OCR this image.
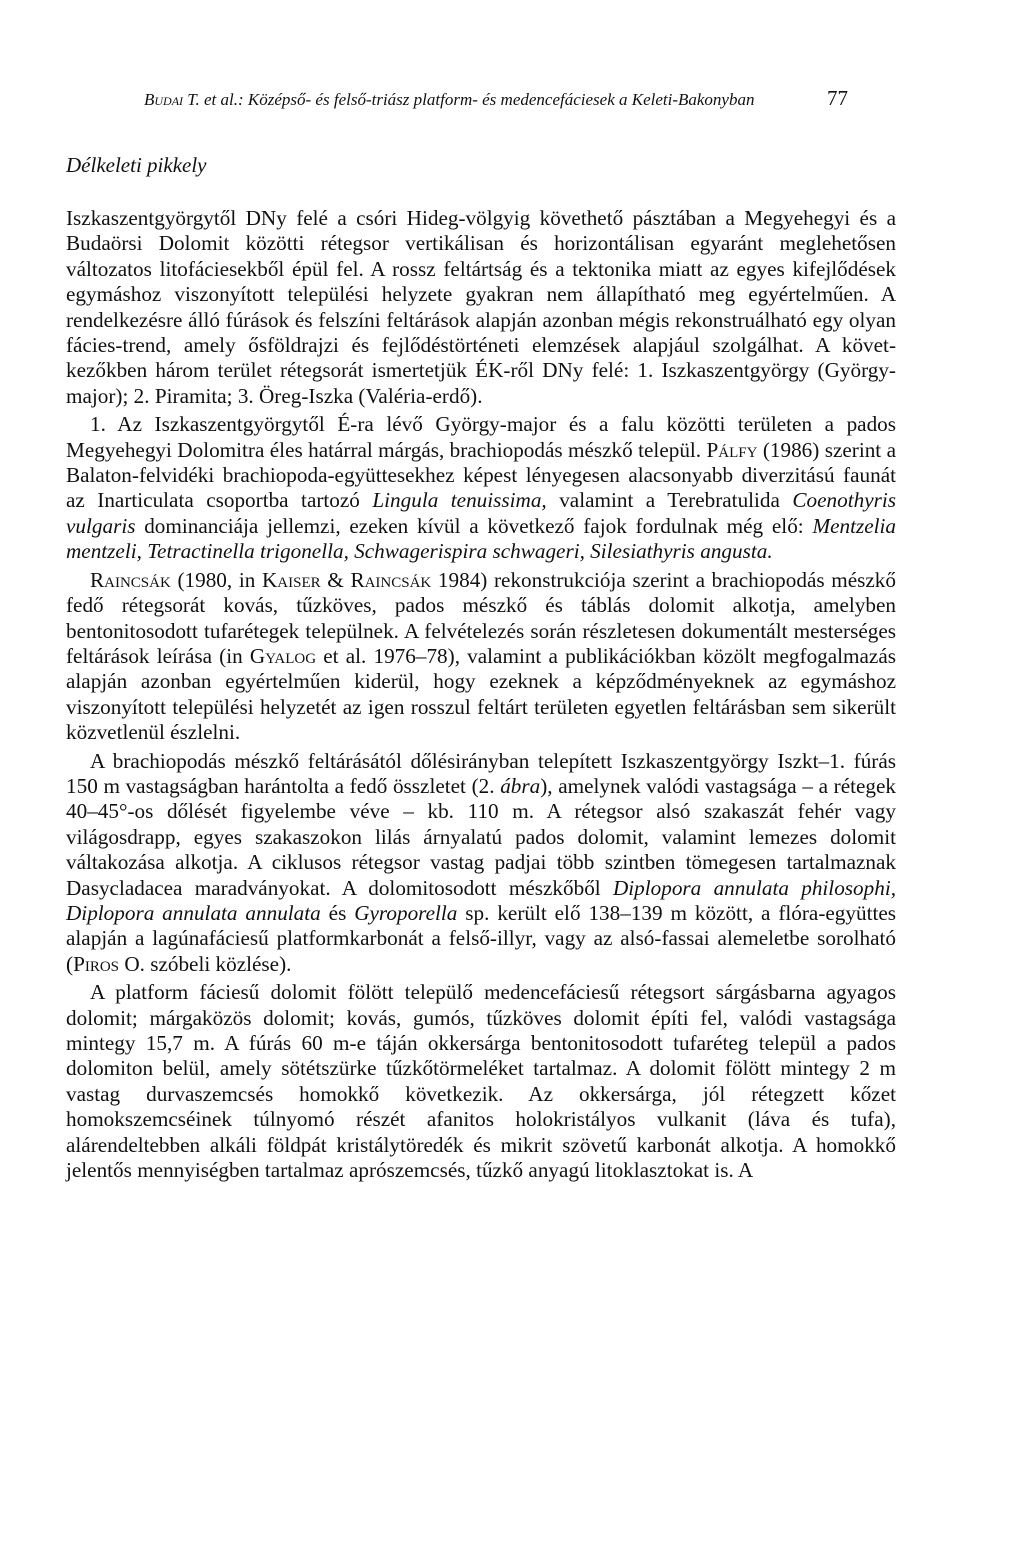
Budai T. et al.: Középső- és felső-triász platform- és medencefáciesek a Keleti-Bakonyban	77
Délkeleti pikkely

Iszkaszentgyörgytől DNy felé a csóri Hideg-völgyig követhető pásztában a Megyehegyi és a Budaörsi Dolomit közötti rétegsor vertikálisan és horizontálisan egyaránt meglehetősen változatos litofáciesekből épül fel. A rossz feltártság és a tektonika miatt az egyes kifejlődések egymáshoz viszonyított települési helyzete gyakran nem állapítható meg egyértelműen. A rendelkezésre álló fúrások és felszíni feltárások alapján azonban mégis rekonstruálható egy olyan fácies-trend, amely ősföldrajzi és fejlődéstörténeti elemzések alapjául szolgálhat. A következőkben három terület rétegsorát ismertetjük ÉK-ről DNy felé: 1. Iszkaszentgyörgy (György-major); 2. Piramita; 3. Öreg-Iszka (Valéria-erdő).

1. Az Iszkaszentgyörgytől É-ra lévő György-major és a falu közötti területen a pados Megyehegyi Dolomitra éles határral márgás, brachiopodás mészkő települ. Pálfy (1986) szerint a Balaton-felvidéki brachiopoda-együttesekhez képest lényegesen alacsonyabb diverzitású faunát az Inarticulata csoportba tartozó Lingula tenuissima, valamint a Terebratulida Coenothyris vulgaris dominanciája jellemzi, ezeken kívül a következő fajok fordulnak még elő: Mentzelia mentzeli, Tetractinella trigonella, Schwagerispira schwageri, Silesiathyris angusta.

Raincsák (1980, in Kaiser & Raincsák 1984) rekonstrukciója szerint a brachiopodás mészkő fedő rétegsorát kovás, tűzköves, pados mészkő és táblás dolomit alkotja, amelyben bentonitosodott tufarétegek települnek. A felvételezés során részletesen dokumentált mesterséges feltárások leírása (in Gyalog et al. 1976–78), valamint a publikációkban közölt megfogalmazás alapján azonban egyértelműen kiderül, hogy ezeknek a képződményeknek az egymáshoz viszonyított települési helyzetét az igen rosszul feltárt területen egyetlen feltárásban sem sikerült közvetlenül észlelni.

A brachiopodás mészkő feltárásától dőlésirányban telepített Iszkaszentgyörgy Iszkt–1. fúrás 150 m vastagságban harántolta a fedő összletet (2. ábra), amelynek valódi vastagsága – a rétegek 40–45°-os dőlését figyelembe véve – kb. 110 m. A rétegsor alsó szakaszát fehér vagy világosdrapp, egyes szakaszokon lilás árnyalatú pados dolomit, valamint lemezes dolomit váltakozása alkotja. A ciklusos rétegsor vastag padjai több szintben tömegesen tartalmaznak Dasycladacea maradványokat. A dolomitosodott mészkőből Diplopora annulata philosophi, Diplopora annulata annulata és Gyroporella sp. került elő 138–139 m között, a flóra-együttes alapján a lagúnafáciesű platformkarbonát a felső-illyr, vagy az alsó-fassai alemeletbe sorolható (Piros O. szóbeli közlése).

A platform fáciesű dolomit fölött települő medencefáciesű rétegsort sárgásbarna agyagos dolomit; márgaközös dolomit; kovás, gumós, tűzköves dolomit építi fel, valódi vastagsága mintegy 15,7 m. A fúrás 60 m-e táján okkersárga bentonitosodott tufaréteg települ a pados dolomiton belül, amely sötétszürke tűzkőtörmeléket tartalmaz. A dolomit fölött mintegy 2 m vastag durvaszemcsés homokkő következik. Az okkersárga, jól rétegzett kőzet homokszemcséinek túlnyomó részét afanitos holokristályos vulkanit (láva és tufa), alárendeltebben alkáli földpát kristálytöredék és mikrit szövetű karbonát alkotja. A homokkő jelentős mennyiségben tartalmaz aprószemcsés, tűzkő anyagú litoklasztokat is. A
